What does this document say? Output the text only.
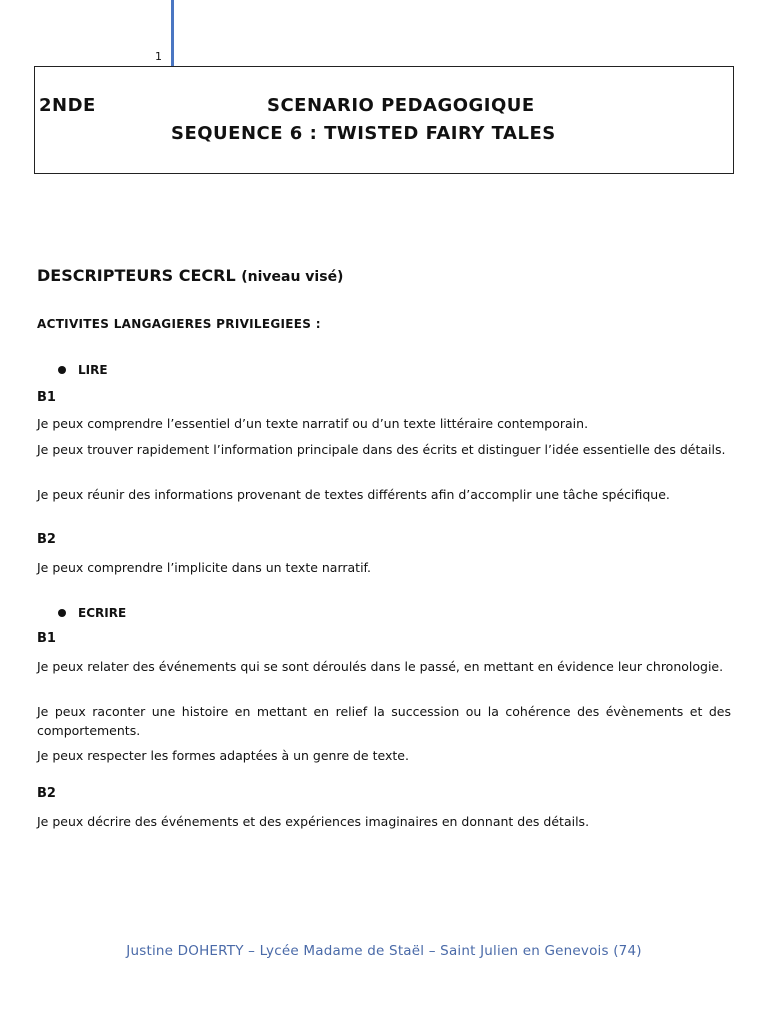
1
2NDE	SCENARIO PEDAGOGIQUE
SEQUENCE 6 : TWISTED FAIRY TALES
DESCRIPTEURS CECRL (niveau visé)
ACTIVITES LANGAGIERES PRIVILEGIEES :
LIRE
B1
Je peux comprendre l’essentiel d’un texte narratif ou d’un texte littéraire contemporain.
Je peux trouver rapidement l’information principale dans des écrits et distinguer l’idée essentielle des détails.
Je peux réunir des informations provenant de textes différents afin d’accomplir une tâche spécifique.
B2
Je peux comprendre l’implicite dans un texte narratif.
ECRIRE
B1
Je peux relater des événements qui se sont déroulés dans le passé, en mettant en évidence leur chronologie.
Je peux raconter une histoire en mettant en relief la succession ou la cohérence des évènements et des comportements.
Je peux respecter les formes adaptées à un genre de texte.
B2
Je peux décrire des événements et des expériences imaginaires en donnant des détails.
Justine DOHERTY – Lycée Madame de Staël – Saint Julien en Genevois (74)
